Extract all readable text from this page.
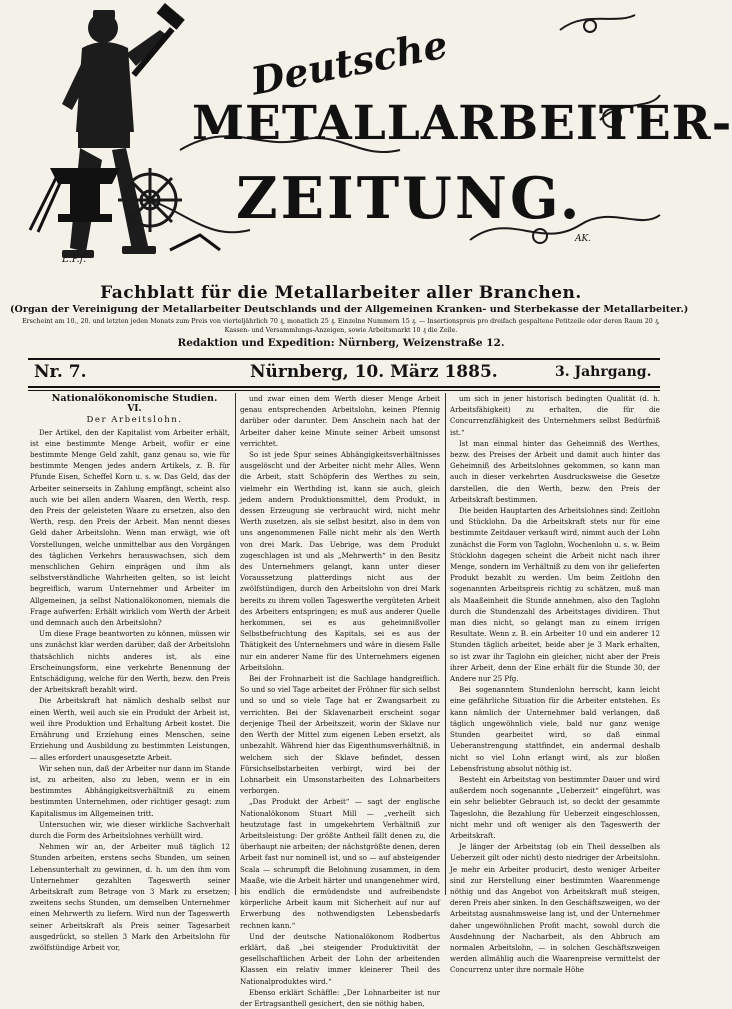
Deutsche
METALLARBEITER-
ZEITUNG.
L.P.f.
AK.

Fachblatt für die Metallarbeiter aller Branchen.

(Organ der Vereinigung der Metallarbeiter Deutschlands und der Allgemeinen Kranken- und Sterbekasse der Metallarbeiter.)

Erscheint am 10., 20. und letzten jeden Monats zum Preis von vierteljährlich 70 ₰, monatlich 25 ₰. Einzelne Nummern 15 ₰. — Insertionspreis pro dreifach gespaltene Petitzeile oder deren Raum 20 ₰, Kassen- und Versammlungs-Anzeigen, sowie Arbeitsmarkt 10 ₰ die Zeile.

Redaktion und Expedition: Nürnberg, Weizenstraße 12.

Nr. 7.	Nürnberg, 10. März 1885.	3. Jahrgang.

Nationalökonomische Studien.

VI.

Der Arbeitslohn.

Der Artikel, den der Kapitalist vom Arbeiter erhält, ist eine bestimmte Menge Arbeit, wofür er eine bestimmte Menge Geld zahlt, ganz genau so, wie für bestimmte Mengen jedes andern Artikels, z. B. für Pfunde Eisen, Scheffel Korn u. s. w. Das Geld, das der Arbeiter seinerseits in Zahlung empfängt, scheint also auch wie bei allen andern Waaren, den Werth, resp. den Preis der geleisteten Waare zu ersetzen, also den Werth, resp. den Preis der Arbeit. Man nennt dieses Geld daher Arbeitslohn. Wenn man erwägt, wie oft Vorstellungen, welche unmittelbar aus den Vorgängen des täglichen Verkehrs herauswachsen, sich dem menschlichen Gehirn einprägen und ihm als selbstverständliche Wahrheiten gelten, so ist leicht begreiflich, warum Unternehmer und Arbeiter im Allgemeinen, ja selbst Nationalökonomen, niemals die Frage aufwerfen: Erhält wirklich vom Werth der Arbeit und demnach auch den Arbeitslohn?

Um diese Frage beantworten zu können, müssen wir uns zunächst klar werden darüber, daß der Arbeitslohn thatsächlich nichts anderes ist, als eine Erscheinungsform, eine verkehrte Benennung der Entschädigung, welche für den Werth, bezw. den Preis der Arbeitskraft bezahlt wird.

Die Arbeitskraft hat nämlich deshalb selbst nur einen Werth, weil auch sie ein Produkt der Arbeit ist, weil ihre Produktion und Erhaltung Arbeit kostet. Die Ernährung und Erziehung eines Menschen, seine Erziehung und Ausbildung zu bestimmten Leistungen, — alles erfordert unausgesetzte Arbeit.

Wir sehen nun, daß der Arbeiter nur dann im Stande ist, zu arbeiten, also zu leben, wenn er in ein bestimmtes Abhängigkeitsverhältniß zu einem bestimmten Unternehmen, oder richtiger gesagt: zum Kapitalismus im Allgemeinen tritt.

Untersuchen wir, wie dieser wirkliche Sachverhalt durch die Form des Arbeitslohnes verhüllt wird.

Nehmen wir an, der Arbeiter muß täglich 12 Stunden arbeiten, erstens sechs Stunden, um seinen Lebensunterhalt zu gewinnen, d. h. um den ihm vom Unternehmer gezahlten Tageswerth seiner Arbeitskraft zum Betrage von 3 Mark zu ersetzen; zweitens sechs Stunden, um demselben Unternehmer einen Mehrwerth zu liefern. Wird nun der Tageswerth seiner Arbeitskraft als Preis seiner Tagesarbeit ausgedrückt, so stellen 3 Mark den Arbeitslohn für zwölfstündige Arbeit vor,

und zwar einen dem Werth dieser Menge Arbeit genau entsprechenden Arbeitslohn, keinen Pfennig darüber oder darunter. Dem Anschein nach hat der Arbeiter daher keine Minute seiner Arbeit umsonst verrichtet.

So ist jede Spur seines Abhängigkeitsverhältnisses ausgelöscht und der Arbeiter nicht mehr Alles. Wenn die Arbeit, statt Schöpferin des Werthes zu sein, vielmehr ein Werthding ist, kann sie auch, gleich jedem andern Produktionsmittel, dem Produkt, in dessen Erzeugung sie verbraucht wird, nicht mehr Werth zusetzen, als sie selbst besitzt, also in dem von uns angenommenen Falle nicht mehr als den Werth von drei Mark. Das Uebrige, was dem Produkt zugeschlagen ist und als „Mehrwerth“ in den Besitz des Unternehmers gelangt, kann unter dieser Voraussetzung platterdings nicht aus der zwölfstündigen, durch den Arbeitslohn von drei Mark bereits zu ihrem vollen Tageswerthe vergüteten Arbeit des Arbeiters entspringen; es muß aus anderer Quelle herkommen, sei es aus geheimnißvoller Selbstbefruchtung des Kapitals, sei es aus der Thätigkeit des Unternehmers und wäre in diesem Falle nur ein anderer Name für des Unternehmers eigenen Arbeitslohn.

Bei der Frohnarbeit ist die Sachlage handgreiflich. So und so viel Tage arbeitet der Fröhner für sich selbst und so und so viele Tage hat er Zwangsarbeit zu verrichten. Bei der Sklavenarbeit erscheint sogar derjenige Theil der Arbeitszeit, worin der Sklave nur den Werth der Mittel zum eigenen Leben ersetzt, als unbezahlt. Während hier das Eigenthumsverhältniß, in welchem sich der Sklave befindet, dessen Fürsichselbstarbeiten verbirgt, wird bei der Lohnarbeit ein Umsonstarbeiten des Lohnarbeiters verborgen.

„Das Produkt der Arbeit“ — sagt der englische Nationalökonom Stuart Mill — „verheilt sich heutzutage fast in umgekehrtem Verhältniß zur Arbeitsleistung: Der größte Antheil fällt denen zu, die überhaupt nie arbeiten; der nächstgrößte denen, deren Arbeit fast nur nominell ist, und so — auf absteigender Scala — schrumpft die Belohnung zusammen, in dem Maaße, wie die Arbeit härter und unangenehmer wird, bis endlich die ermüdendste und aufreibendste körperliche Arbeit kaum mit Sicherheit auf nur auf Erwerbung des nothwendigsten Lebensbedarfs rechnen kann.“

Und der deutsche Nationalökonom Rodbertus erklärt, daß „bei steigender Produktivität der gesellschaftlichen Arbeit der Lohn der arbeitenden Klassen ein relativ immer kleinerer Theil des Nationalproduktes wird.“

Ebenso erklärt Schäffle: „Der Lohnarbeiter ist nur der Ertragsanthell gesichert, den sie nöthig haben,

um sich in jener historisch bedingten Qualität (d. h. Arbeitsfähigkeit) zu erhalten, die für die Concurrenzfähigkeit des Unternehmers selbst Bedürfniß ist.“

Ist man einmal hinter das Geheimniß des Werthes, bezw. des Preises der Arbeit und damit auch hinter das Geheimniß des Arbeitslohnes gekommen, so kann man auch in dieser verkehrten Ausdrucksweise die Gesetze darstellen, die den Werth, bezw. den Preis der Arbeitskraft bestimmen.

Die beiden Hauptarten des Arbeitslohnes sind: Zeitlohn und Stücklohn. Da die Arbeitskraft stets nur für eine bestimmte Zeitdauer verkauft wird, nimmt auch der Lohn zunächst die Form von Taglohn, Wochenlohn u. s. w. Beim Stücklohn dagegen scheint die Arbeit nicht nach ihrer Menge, sondern im Verhältniß zu dem von ihr gelieferten Produkt bezahlt zu werden. Um beim Zeitlohn den sogenannten Arbeitspreis richtig zu schätzen, muß man als Maaßeinheit die Stunde annehmen, also den Taglohn durch die Stundenzahl des Arbeitstages dividiren. Thut man dies nicht, so gelangt man zu einem irrigen Resultate. Wenn z. B. ein Arbeiter 10 und ein anderer 12 Stunden täglich arbeitet, beide aber je 3 Mark erhalten, so ist zwar ihr Taglohn ein gleicher, nicht aber der Preis ihrer Arbeit, denn der Eine erhält für die Stunde 30, der Andere nur 25 Pfg.

Bei sogenanntem Stundenlohn herrscht, kann leicht eine gefährliche Situation für die Arbeiter entstehen. Es kann nämlich der Unternehmer bald verlangen, daß täglich ungewöhnlich viele, bald nur ganz wenige Stunden gearbeitet wird, so daß einmal Ueberanstrengung stattfindet, ein andermal deshalb nicht so viel Lohn erlangt wird, als zur bloßen Lebensfristung absolut nöthig ist.

Besteht ein Arbeitstag von bestimmter Dauer und wird außerdem noch sogenannte „Ueberzeit“ eingeführt, was ein sehr beliebter Gebrauch ist, so deckt der gesammte Tageslohn, die Bezahlung für Ueberzeit eingeschlossen, nicht mehr und oft weniger als den Tageswerth der Arbeitskraft.

Je länger der Arbeitstag (ob ein Theil desselben als Ueberzeit gilt oder nicht) desto niedriger der Arbeitslohn. Je mehr ein Arbeiter producirt, desto weniger Arbeiter sind zur Herstellung einer bestimmten Waarenmenge nöthig und das Angebot von Arbeitskraft muß steigen, deren Preis aber sinken. In den Geschäftszweigen, wo der Arbeitstag ausnahmsweise lang ist, und der Unternehmer daher ungewöhnlichen Profit macht, sowohl durch die Ausdehnung der Nacharbeit, als den Abbruch am normalen Arbeitslohn, — in solchen Geschäftszweigen werden allmählig auch die Waarenpreise vermittelst der Concurrenz unter ihre normale Höhe
